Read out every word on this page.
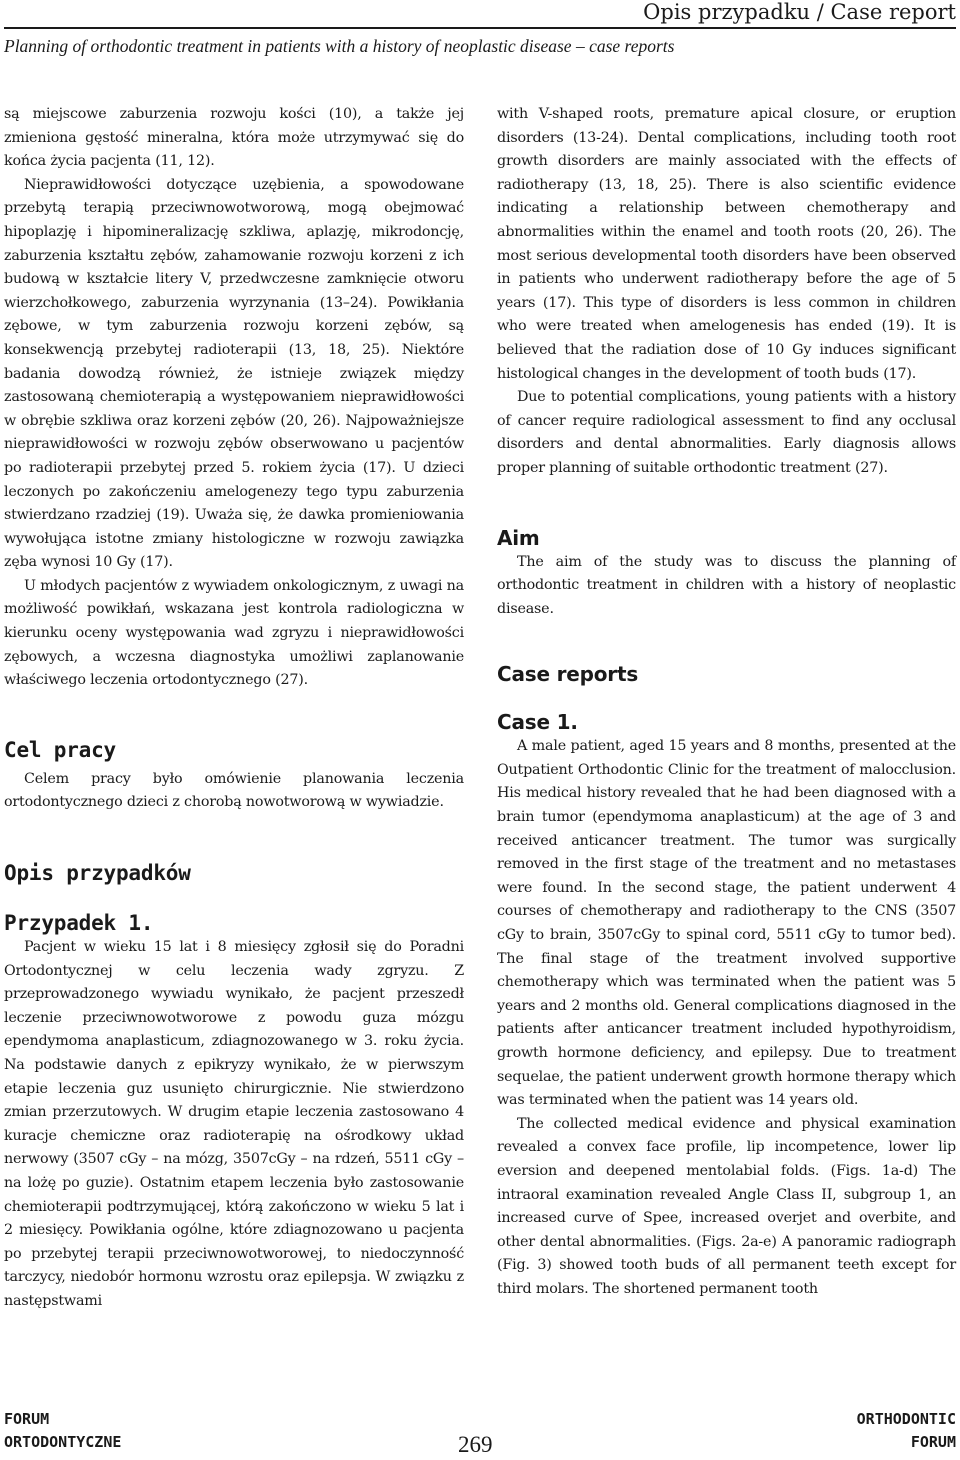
Opis przypadku / Case report
Planning of orthodontic treatment in patients with a history of neoplastic disease – case reports

są miejscowe zaburzenia rozwoju kości (10), a także jej zmieniona gęstość mineralna, która może utrzymywać się do końca życia pacjenta (11, 12).

Nieprawidłowości dotyczące uzębienia, a spowodowane przebytą terapią przeciwnowotworową, mogą obejmować hipoplazję i hipomineralizację szkliwa, aplazję, mikrodoncję, zaburzenia kształtu zębów, zahamowanie rozwoju korzeni z ich budową w kształcie litery V, przedwczesne zamknięcie otworu wierzchołkowego, zaburzenia wyrzynania (13–24). Powikłania zębowe, w tym zaburzenia rozwoju korzeni zębów, są konsekwencją przebytej radioterapii (13, 18, 25). Niektóre badania dowodzą również, że istnieje związek między zastosowaną chemioterapią a występowaniem nieprawidłowości w obrębie szkliwa oraz korzeni zębów (20, 26). Najpoważniejsze nieprawidłowości w rozwoju zębów obserwowano u pacjentów po radioterapii przebytej przed 5. rokiem życia (17). U dzieci leczonych po zakończeniu amelogenezy tego typu zaburzenia stwierdzano rzadziej (19). Uważa się, że dawka promieniowania wywołująca istotne zmiany histologiczne w rozwoju zawiązka zęba wynosi 10 Gy (17).

U młodych pacjentów z wywiadem onkologicznym, z uwagi na możliwość powikłań, wskazana jest kontrola radiologiczna w kierunku oceny występowania wad zgryzu i nieprawidłowości zębowych, a wczesna diagnostyka umożliwi zaplanowanie właściwego leczenia ortodontycznego (27).

Cel pracy

Celem pracy było omówienie planowania leczenia ortodontycznego dzieci z chorobą nowotworową w wywiadzie.

Opis przypadków
Przypadek 1.

Pacjent w wieku 15 lat i 8 miesięcy zgłosił się do Poradni Ortodontycznej w celu leczenia wady zgryzu. Z przeprowadzonego wywiadu wynikało, że pacjent przeszedł leczenie przeciwnowotworowe z powodu guza mózgu ependymoma anaplasticum, zdiagnozowanego w 3. roku życia. Na podstawie danych z epikryzy wynikało, że w pierwszym etapie leczenia guz usunięto chirurgicznie. Nie stwierdzono zmian przerzutowych. W drugim etapie leczenia zastosowano 4 kuracje chemiczne oraz radioterapię na ośrodkowy układ nerwowy (3507 cGy – na mózg, 3507cGy – na rdzeń, 5511 cGy – na lożę po guzie). Ostatnim etapem leczenia było zastosowanie chemioterapii podtrzymującej, którą zakończono w wieku 5 lat i 2 miesięcy. Powikłania ogólne, które zdiagnozowano u pacjenta po przebytej terapii przeciwnowotworowej, to niedoczynność tarczycy, niedobór hormonu wzrostu oraz epilepsja. W związku z następstwami

with V-shaped roots, premature apical closure, or eruption disorders (13-24). Dental complications, including tooth root growth disorders are mainly associated with the effects of radiotherapy (13, 18, 25). There is also scientific evidence indicating a relationship between chemotherapy and abnormalities within the enamel and tooth roots (20, 26). The most serious developmental tooth disorders have been observed in patients who underwent radiotherapy before the age of 5 years (17). This type of disorders is less common in children who were treated when amelogenesis has ended (19). It is believed that the radiation dose of 10 Gy induces significant histological changes in the development of tooth buds (17).

Due to potential complications, young patients with a history of cancer require radiological assessment to find any occlusal disorders and dental abnormalities. Early diagnosis allows proper planning of suitable orthodontic treatment (27).

Aim

The aim of the study was to discuss the planning of orthodontic treatment in children with a history of neoplastic disease.

Case reports
Case 1.

A male patient, aged 15 years and 8 months, presented at the Outpatient Orthodontic Clinic for the treatment of malocclusion. His medical history revealed that he had been diagnosed with a brain tumor (ependymoma anaplasticum) at the age of 3 and received anticancer treatment. The tumor was surgically removed in the first stage of the treatment and no metastases were found. In the second stage, the patient underwent 4 courses of chemotherapy and radiotherapy to the CNS (3507 cGy to brain, 3507cGy to spinal cord, 5511 cGy to tumor bed). The final stage of the treatment involved supportive chemotherapy which was terminated when the patient was 5 years and 2 months old. General complications diagnosed in the patients after anticancer treatment included hypothyroidism, growth hormone deficiency, and epilepsy. Due to treatment sequelae, the patient underwent growth hormone therapy which was terminated when the patient was 14 years old.

The collected medical evidence and physical examination revealed a convex face profile, lip incompetence, lower lip eversion and deepened mentolabial folds. (Figs. 1a-d) The intraoral examination revealed Angle Class II, subgroup 1, an increased curve of Spee, increased overjet and overbite, and other dental abnormalities. (Figs. 2a-e) A panoramic radiograph (Fig. 3) showed tooth buds of all permanent teeth except for third molars. The shortened permanent tooth

FORUM
ORTODONTYCZNE	269
ORTHODONTIC
FORUM
